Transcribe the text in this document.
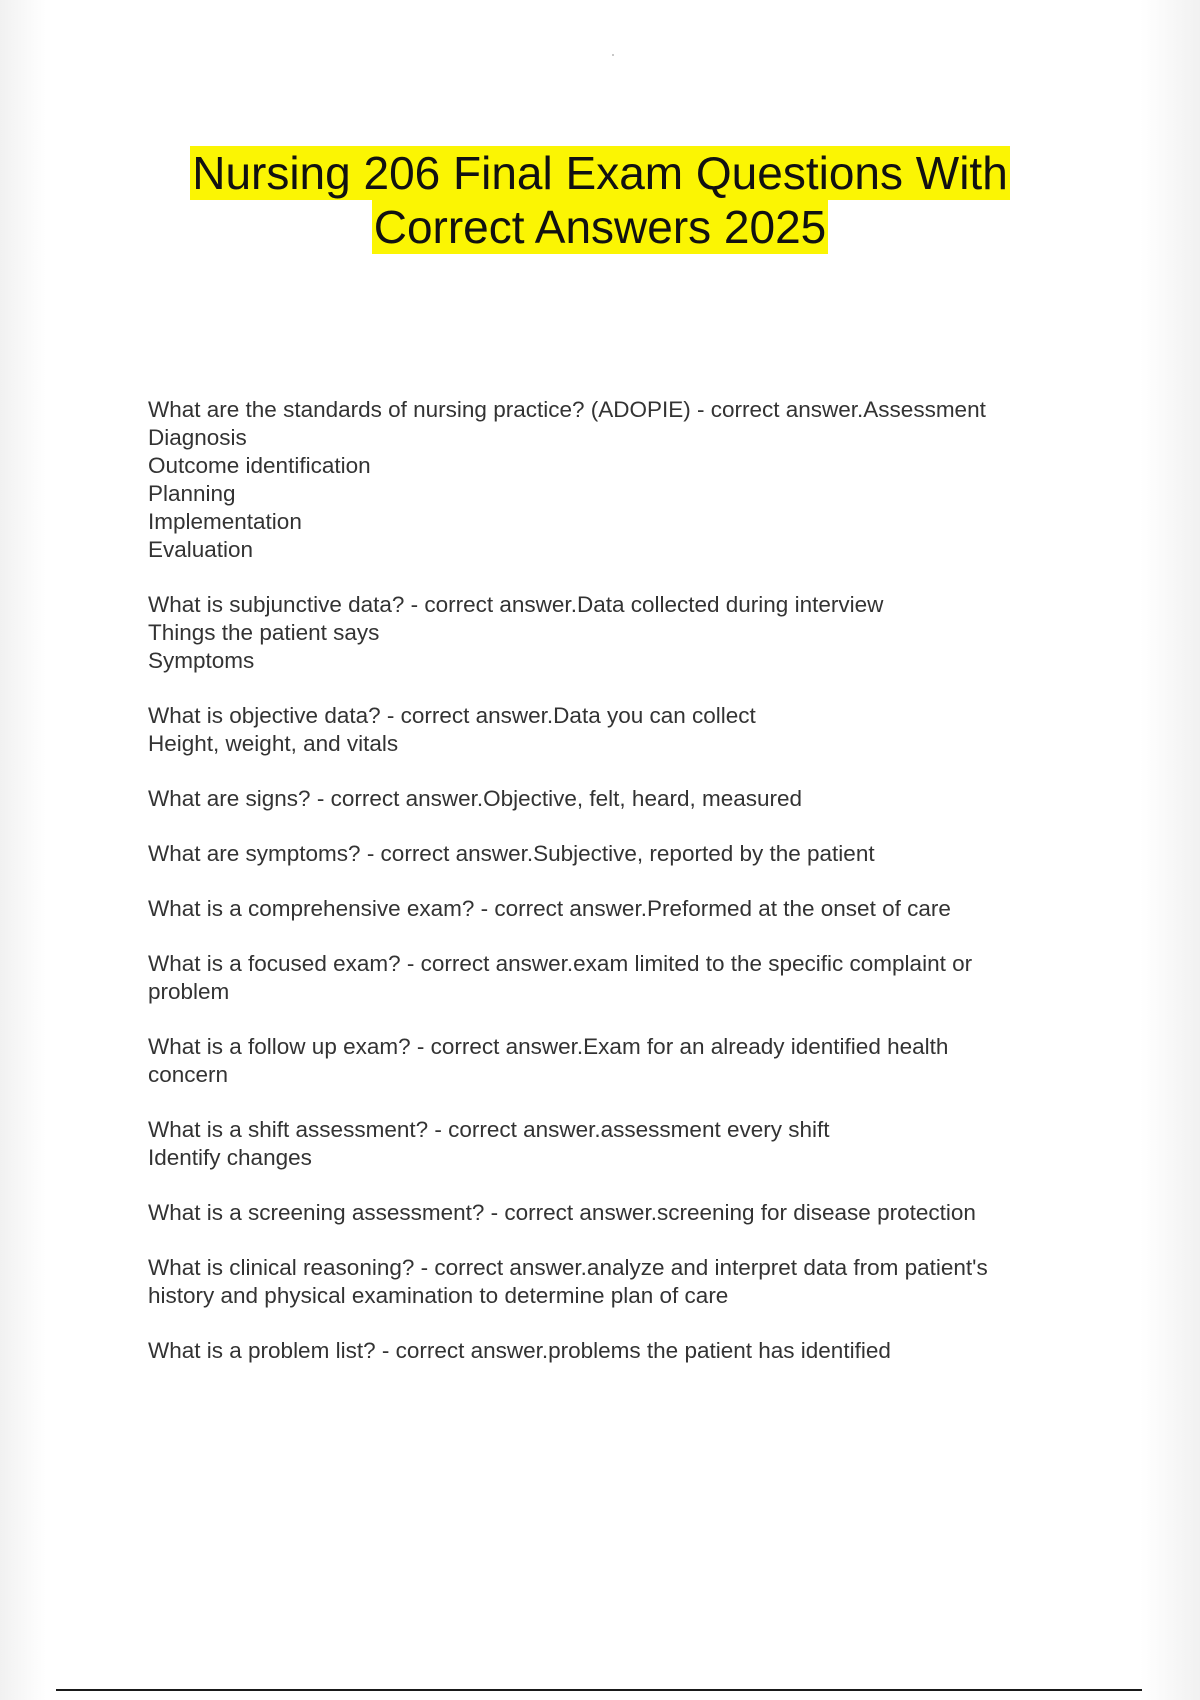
Nursing 206 Final Exam Questions With
Correct Answers 2025

What are the standards of nursing practice? (ADOPIE) - correct answer.Assessment

Diagnosis

Outcome identification

Planning

Implementation

Evaluation

What is subjunctive data? - correct answer.Data collected during interview

Things the patient says

Symptoms

What is objective data? - correct answer.Data you can collect

Height, weight, and vitals

What are signs? - correct answer.Objective, felt, heard, measured

What are symptoms? - correct answer.Subjective, reported by the patient

What is a comprehensive exam? - correct answer.Preformed at the onset of care

What is a focused exam? - correct answer.exam limited to the specific complaint or

problem

What is a follow up exam? - correct answer.Exam for an already identified health

concern

What is a shift assessment? - correct answer.assessment every shift

Identify changes

What is a screening assessment? - correct answer.screening for disease protection

What is clinical reasoning? - correct answer.analyze and interpret data from patient's

history and physical examination to determine plan of care

What is a problem list? - correct answer.problems the patient has identified
